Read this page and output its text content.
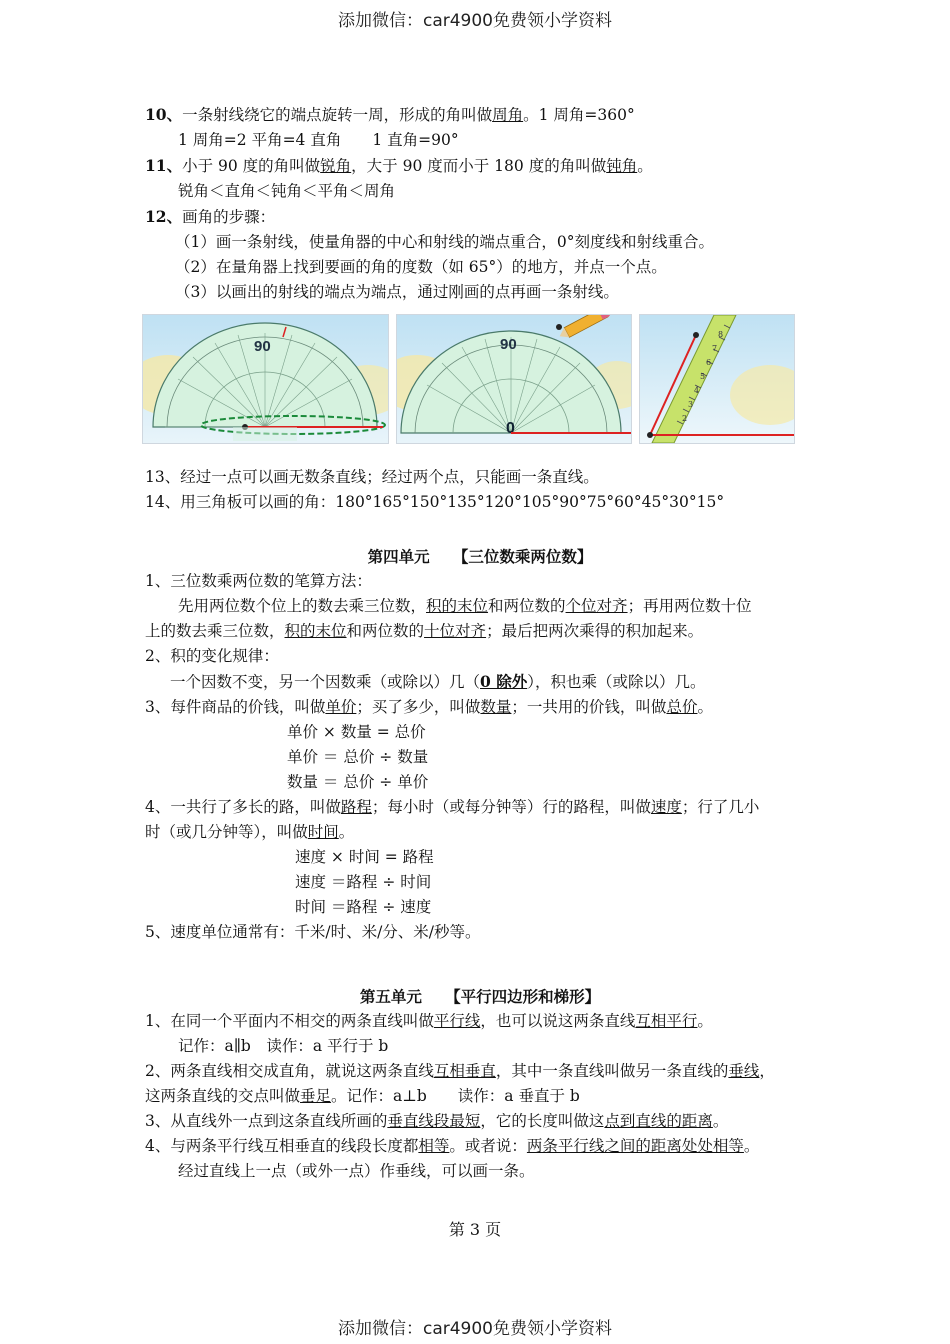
添加微信：car4900免费领小学资料
10、一条射线绕它的端点旋转一周，形成的角叫做周角。1 周角=360°
1 周角=2 平角=4 直角　　1 直角=90°
11、小于 90 度的角叫做锐角，大于 90 度而小于 180 度的角叫做钝角。
锐角＜直角＜钝角＜平角＜周角
12、画角的步骤：
（1）画一条射线，使量角器的中心和射线的端点重合，0°刻度线和射线重合。
（2）在量角器上找到要画的角的度数（如 65°）的地方，并点一个点。
（3）以画出的射线的端点为端点，通过刚画的点再画一条射线。
90	90
0
8
7
6
5
4
3
2
13、经过一点可以画无数条直线；经过两个点，只能画一条直线。
14、用三角板可以画的角：180°165°150°135°120°105°90°75°60°45°30°15°
第四单元　　【三位数乘两位数】
1、三位数乘两位数的笔算方法：
先用两位数个位上的数去乘三位数，积的末位和两位数的个位对齐；再用两位数十位
上的数去乘三位数，积的末位和两位数的十位对齐；最后把两次乘得的积加起来。
2、积的变化规律：
一个因数不变，另一个因数乘（或除以）几（0 除外），积也乘（或除以）几。
3、每件商品的价钱，叫做单价；买了多少，叫做数量；一共用的价钱，叫做总价。
单价 × 数量 = 总价
单价 ＝ 总价 ÷ 数量
数量 ＝ 总价 ÷ 单价
4、一共行了多长的路，叫做路程；每小时（或每分钟等）行的路程，叫做速度；行了几小
时（或几分钟等），叫做时间。
速度 × 时间 = 路程
速度 ＝路程 ÷ 时间
时间 ＝路程 ÷ 速度
5、速度单位通常有：千米/时、米/分、米/秒等。
第五单元　　【平行四边形和梯形】
1、在同一个平面内不相交的两条直线叫做平行线，也可以说这两条直线互相平行。
记作：a∥b　读作：a 平行于 b
2、两条直线相交成直角，就说这两条直线互相垂直，其中一条直线叫做另一条直线的垂线，
这两条直线的交点叫做垂足。记作：a⊥b　　读作：a 垂直于 b
3、从直线外一点到这条直线所画的垂直线段最短，它的长度叫做这点到直线的距离。
4、与两条平行线互相垂直的线段长度都相等。或者说：两条平行线之间的距离处处相等。
经过直线上一点（或外一点）作垂线，可以画一条。
第 3 页
添加微信：car4900免费领小学资料
